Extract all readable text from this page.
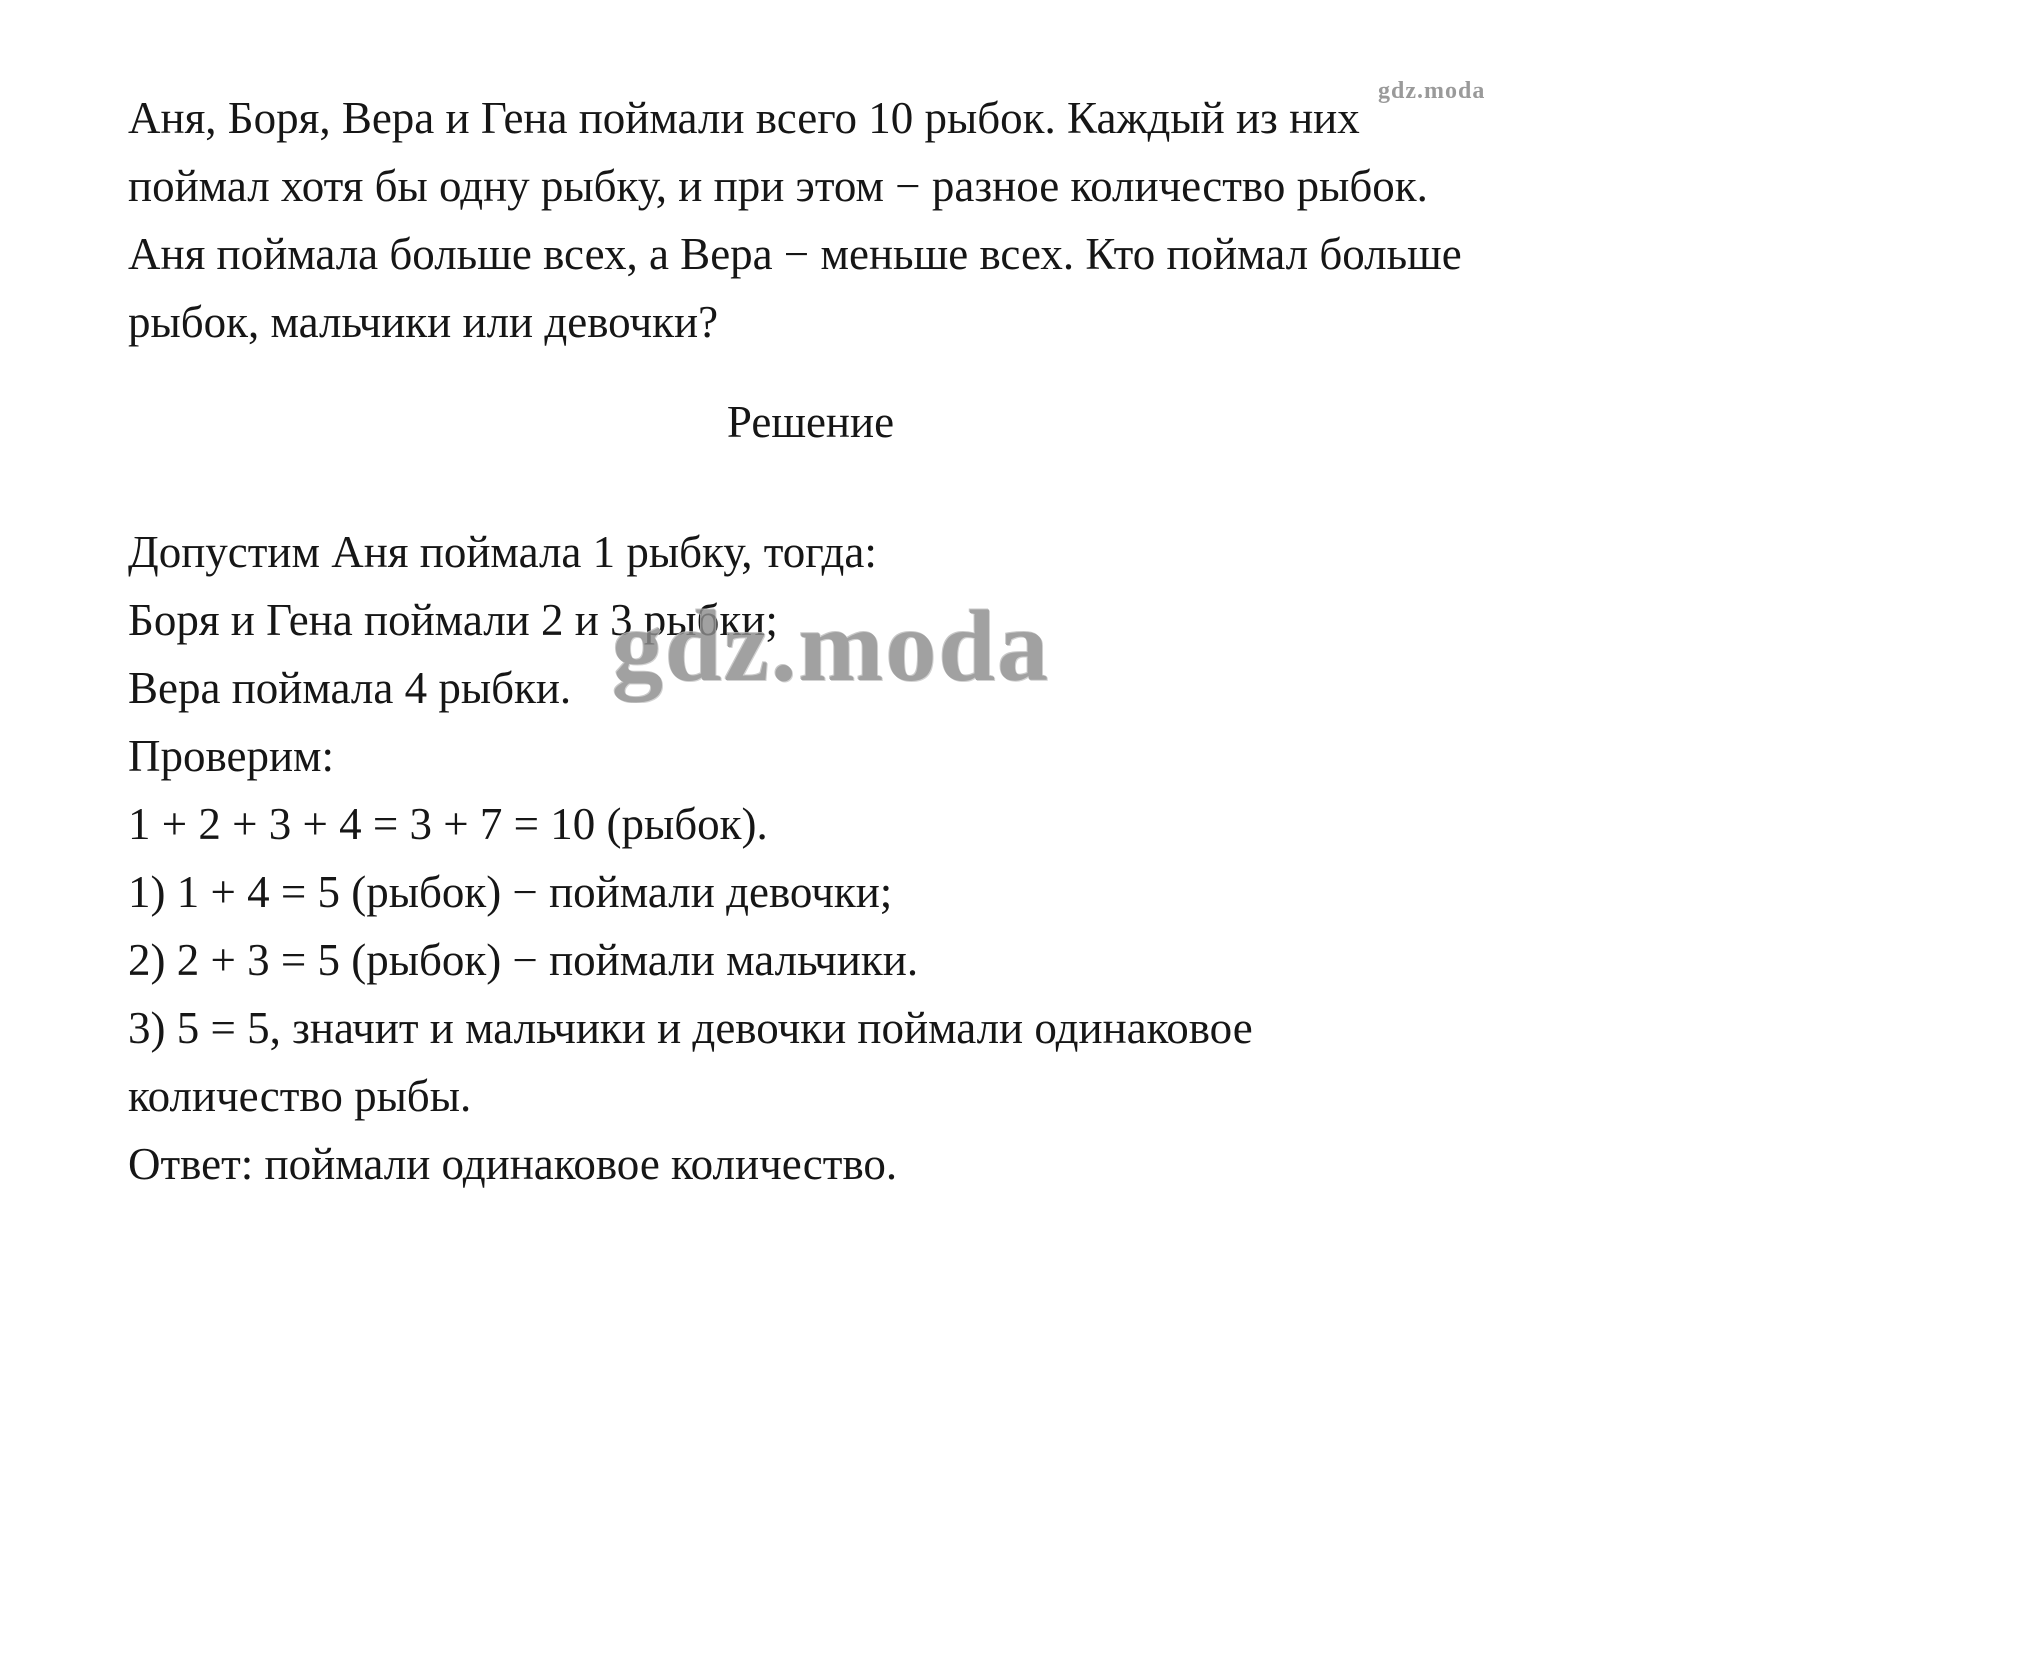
gdz.moda
gdz.moda
Аня, Боря, Вера и Гена поймали всего 10 рыбок. Каждый из них
поймал хотя бы одну рыбку, и при этом − разное количество рыбок.
Аня поймала больше всех, а Вера − меньше всех. Кто поймал больше
рыбок, мальчики или девочки?
Решение
Допустим Аня поймала 1 рыбку, тогда:
Боря и Гена поймали 2 и 3 рыбки;
Вера поймала 4 рыбки.
Проверим:
1 + 2 + 3 + 4 = 3 + 7 = 10 (рыбок).
1) 1 + 4 = 5 (рыбок) − поймали девочки;
2) 2 + 3 = 5 (рыбок) − поймали мальчики.
3) 5 = 5, значит и мальчики и девочки поймали одинаковое
количество рыбы.
Ответ: поймали одинаковое количество.
